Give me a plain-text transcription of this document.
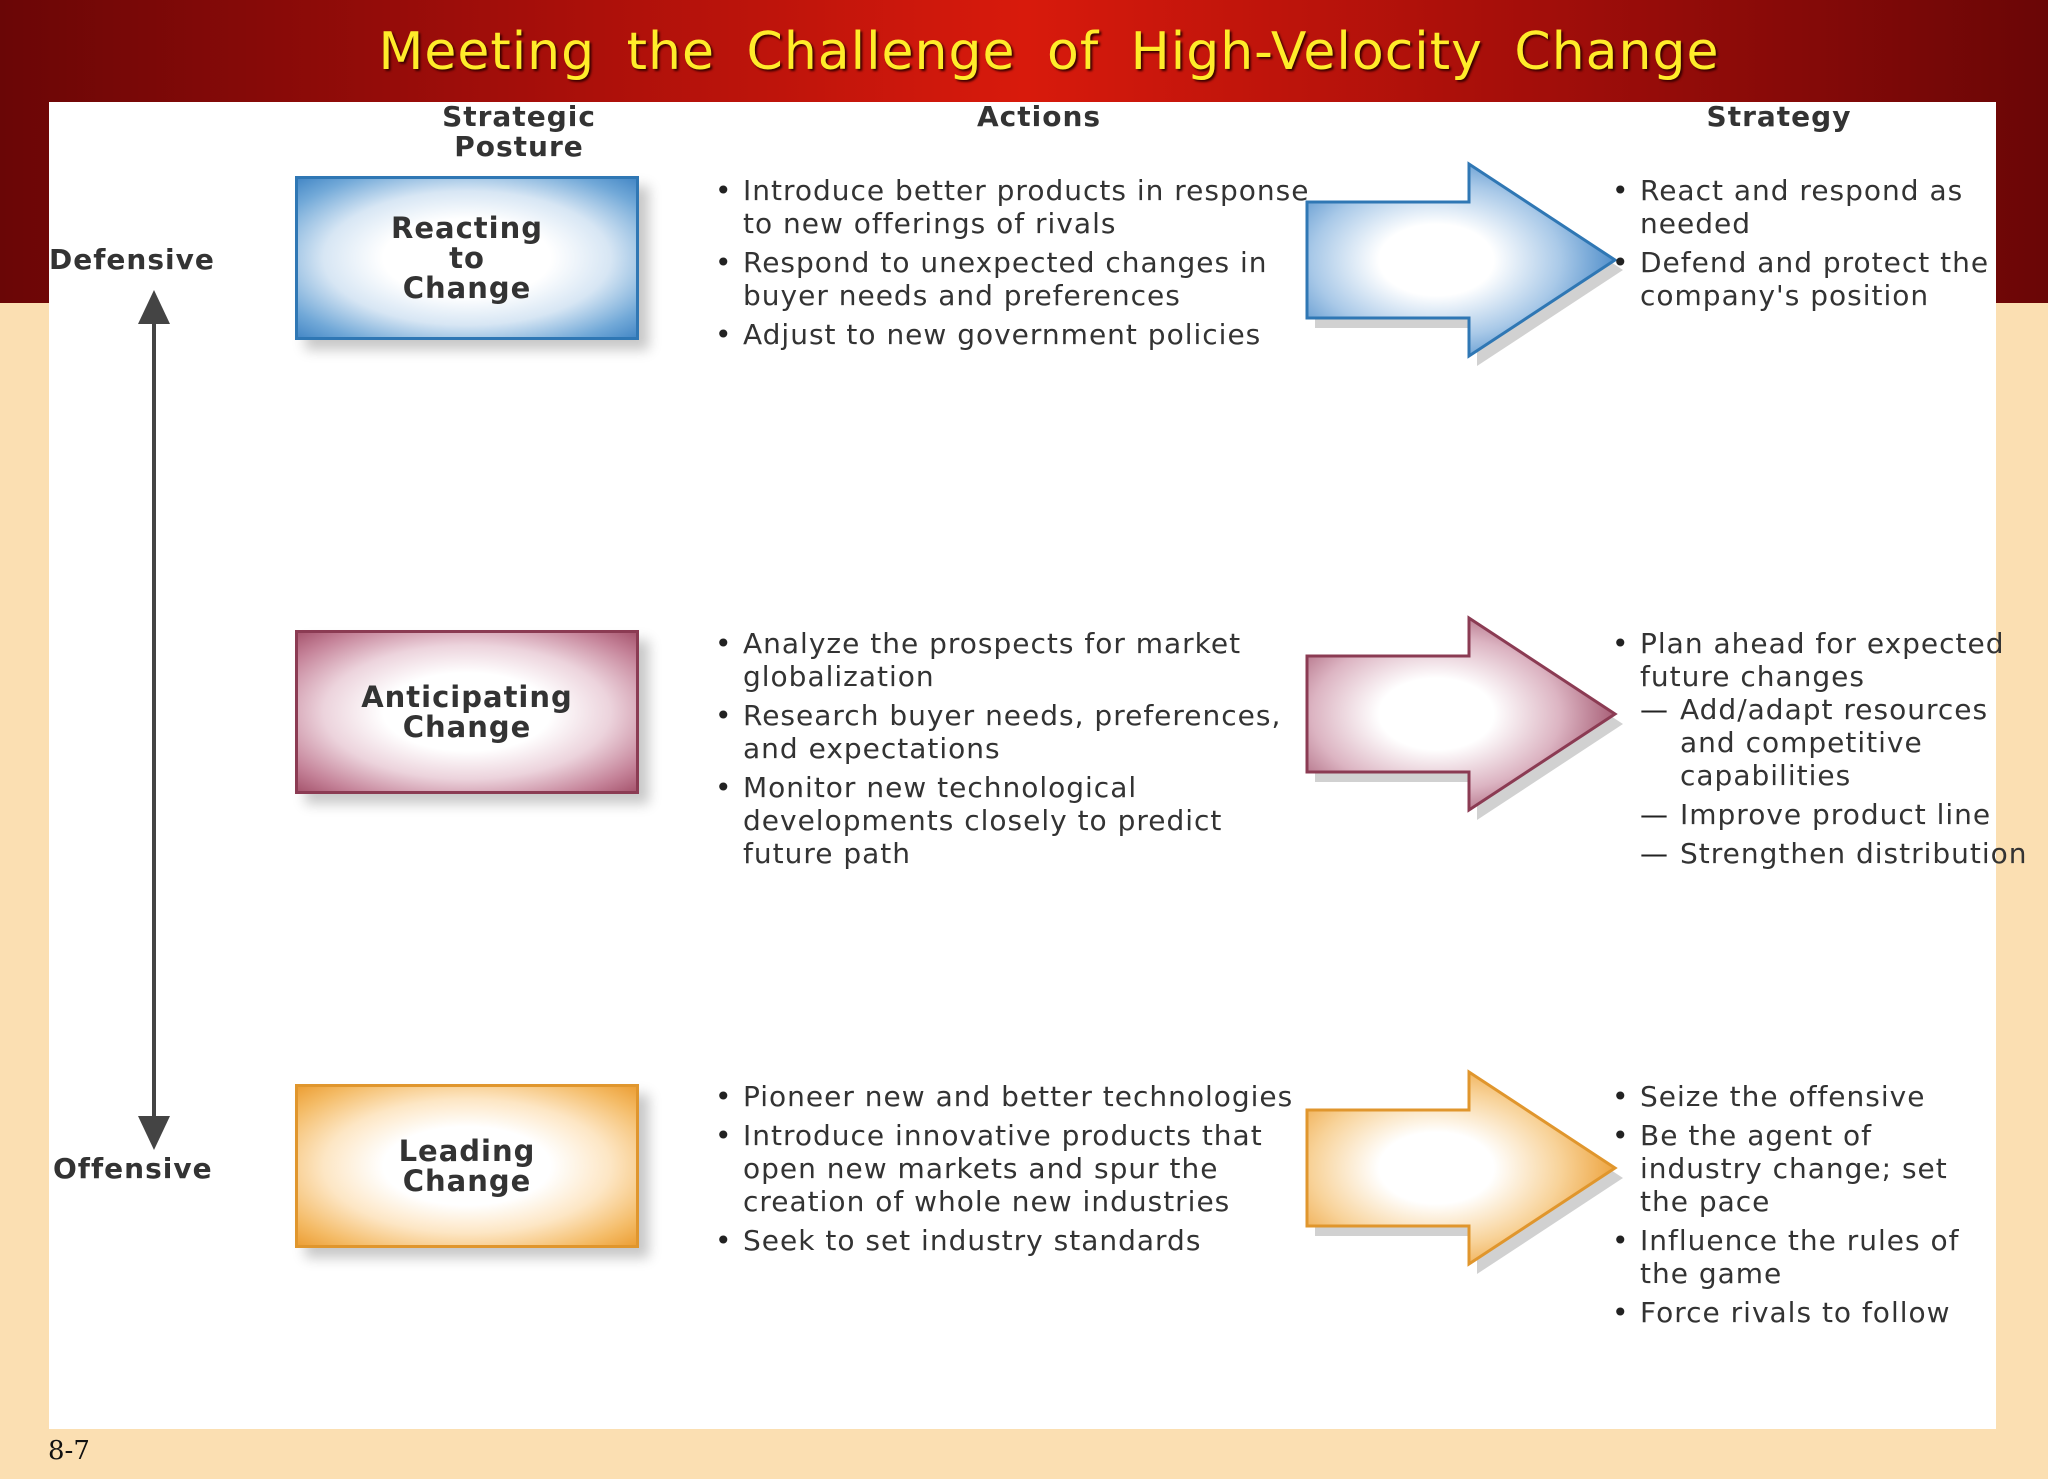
Meeting the Challenge of High-Velocity Change
Strategic
Posture
Actions	Strategy
Defensive
Offensive
Reacting
to
Change
• Introduce better products in response to new offerings of rivals
• Respond to unexpected changes in buyer needs and preferences
• Adjust to new government policies
• React and respond as needed
• Defend and protect the company's position
Anticipating
Change
• Analyze the prospects for market globalization
• Research buyer needs, preferences, and expectations
• Monitor new technological developments closely to predict future path
• Plan ahead for expected future changes
— Add/adapt resources and competitive capabilities
— Improve product line
— Strengthen distribution
Leading
Change
• Pioneer new and better technologies
• Introduce innovative products that open new markets and spur the creation of whole new industries
• Seek to set industry standards
• Seize the offensive
• Be the agent of industry change; set the pace
• Influence the rules of the game
• Force rivals to follow
8-7
